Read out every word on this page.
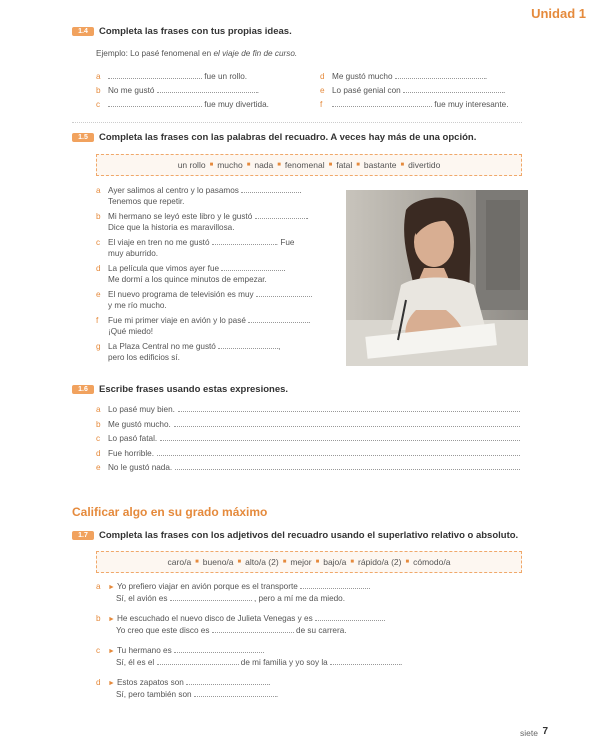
Unidad 1
1.4	Completa las frases con tus propias ideas.
Ejemplo: Lo pasé fenomenal en el viaje de fin de curso.
a	fue un rollo.
b No me gustó	.
c	fue muy divertida.
d Me gustó mucho	.
e Lo pasé genial con	.
f	fue muy interesante.
1.5	Completa las frases con las palabras del recuadro. A veces hay más de una opción.
un rollo ■ mucho ■ nada ■ fenomenal ■ fatal ■ bastante ■ divertido
a Ayer salimos al centro y lo pasamos	.
Tenemos que repetir.
b Mi hermano se leyó este libro y le gustó	.
Dice que la historia es maravillosa.
c El viaje en tren no me gustó	. Fue
muy aburrido.
d La película que vimos ayer fue	.
Me dormí a los quince minutos de empezar.
e El nuevo programa de televisión es muy
y me río mucho.
f Fue mi primer viaje en avión y lo pasé	.
¡Qué miedo!
g La Plaza Central no me gustó	,
pero los edificios sí.
1.6	Escribe frases usando estas expresiones.
a Lo pasé muy bien.
b Me gustó mucho.
c Lo pasó fatal.
d Fue horrible.
e No le gustó nada.
Calificar algo en su grado máximo
1.7	Completa las frases con los adjetivos del recuadro usando el superlativo relativo o absoluto.
caro/a ■ bueno/a ■ alto/a (2) ■ mejor ■ bajo/a ■ rápido/a (2) ■ cómodo/a
a ► Yo prefiero viajar en avión porque es el transporte
Sí, el avión es	, pero a mí me da miedo.
b ► He escuchado el nuevo disco de Julieta Venegas y es
Yo creo que este disco es	de su carrera.
c ► Tu hermano es
Sí, él es el	de mi familia y yo soy la	.
d ► Estos zapatos son	.
Sí, pero también son	.
siete 7
